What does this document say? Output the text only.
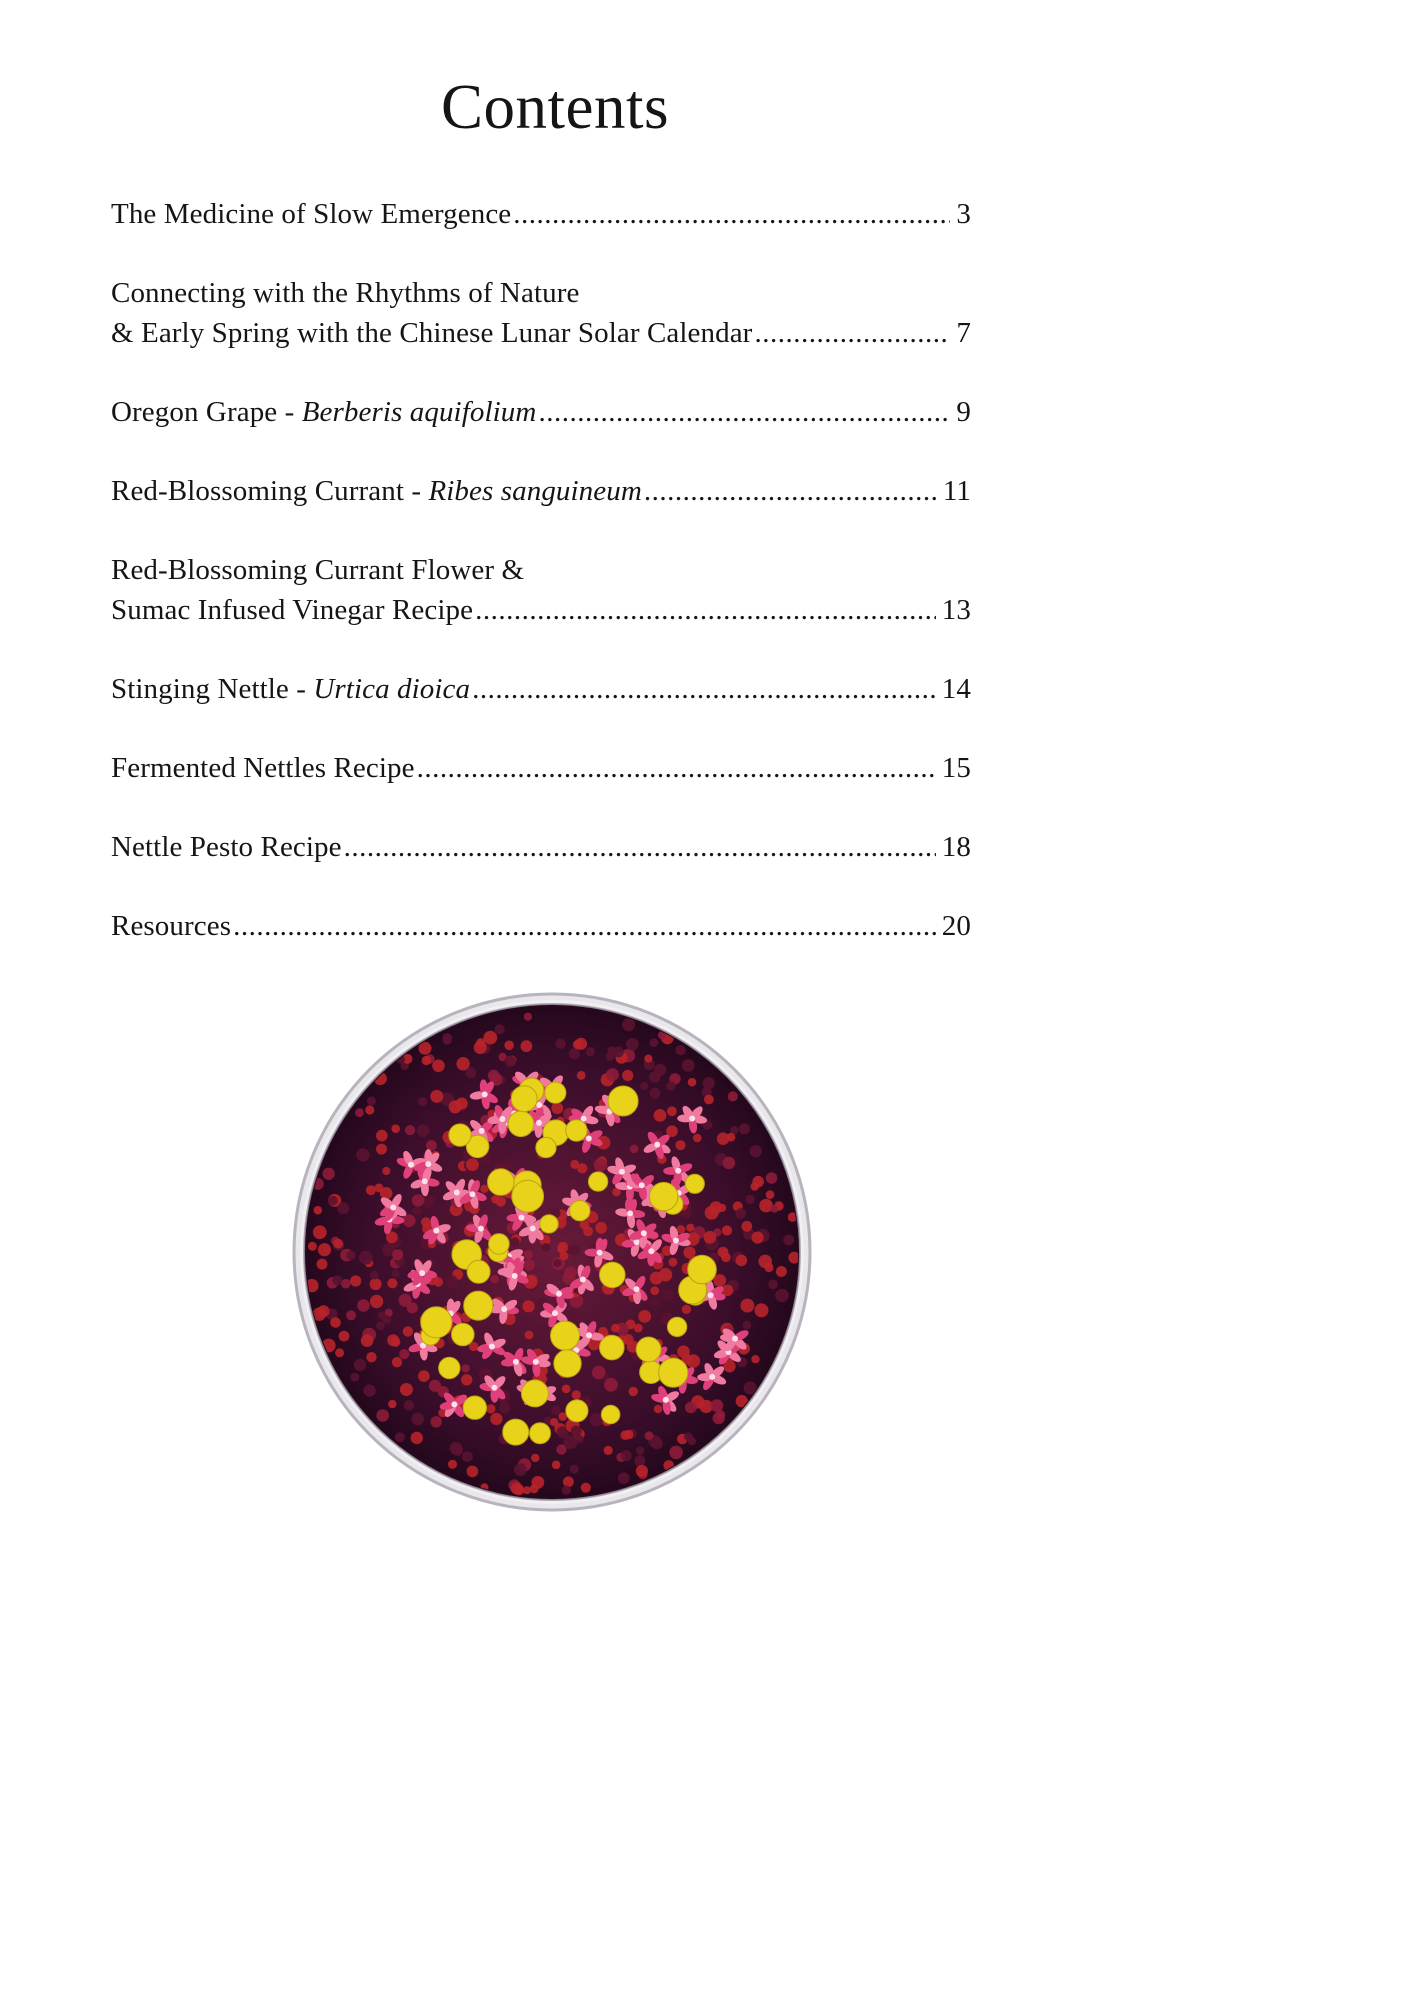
Contents
The Medicine of Slow Emergence .....	3
Connecting with the Rhythms of Nature
& Early Spring with the Chinese Lunar Solar Calendar .....	7
Oregon Grape - Berberis aquifolium .....	9
Red-Blossoming Currant - Ribes sanguineum .....	11
Red-Blossoming Currant Flower &
Sumac Infused Vinegar Recipe .....	13
Stinging Nettle - Urtica dioica .....	14
Fermented Nettles Recipe .....	15
Nettle Pesto Recipe .....	18
Resources .....	20
